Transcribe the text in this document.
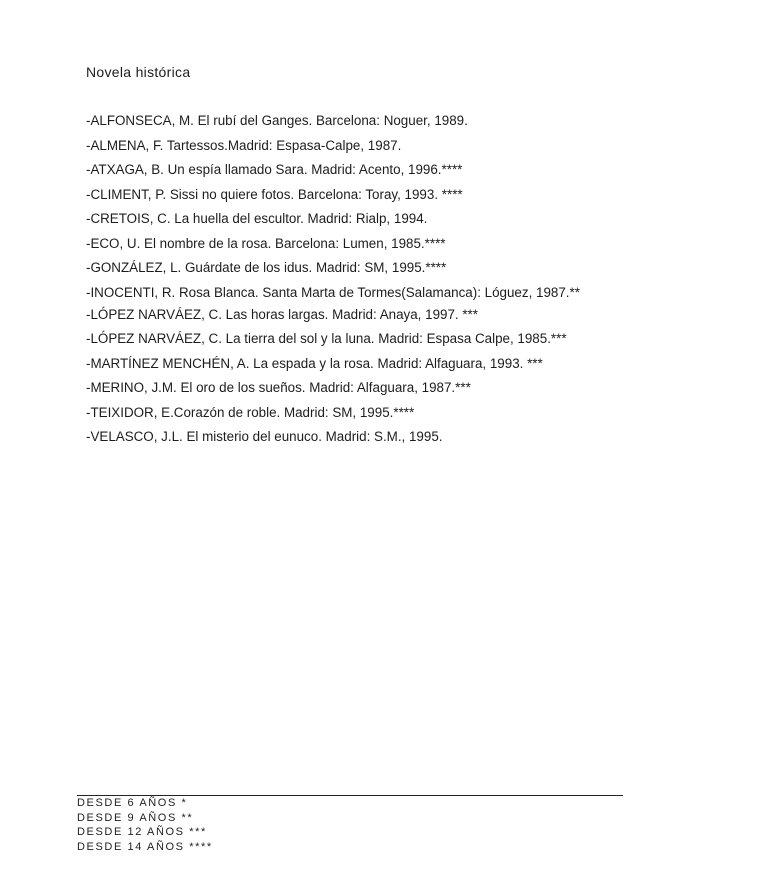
Novela histórica
-ALFONSECA, M. El rubí del Ganges. Barcelona: Noguer, 1989.
-ALMENA, F. Tartessos.Madrid: Espasa-Calpe, 1987.
-ATXAGA, B. Un espía llamado Sara. Madrid: Acento, 1996.****
-CLIMENT, P. Sissi no quiere fotos. Barcelona: Toray, 1993. ****
-CRETOIS, C. La huella del escultor. Madrid: Rialp, 1994.
-ECO, U. El nombre de la rosa. Barcelona: Lumen, 1985.****
-GONZÁLEZ, L. Guárdate de los idus. Madrid: SM, 1995.****
-INOCENTI, R. Rosa Blanca. Santa Marta de Tormes(Salamanca): Lóguez, 1987.**
-LÓPEZ NARVÁEZ, C. Las horas largas. Madrid: Anaya, 1997. ***
-LÓPEZ NARVÁEZ, C. La tierra del sol y la luna. Madrid: Espasa Calpe, 1985.***
-MARTÍNEZ MENCHÉN, A. La espada y la rosa. Madrid: Alfaguara, 1993. ***
-MERINO, J.M. El oro de los sueños. Madrid: Alfaguara, 1987.***
-TEIXIDOR, E.Corazón de roble. Madrid: SM, 1995.****
-VELASCO, J.L. El misterio del eunuco. Madrid: S.M., 1995.
DESDE 6 AÑOS *
DESDE 9 AÑOS **
DESDE 12 AÑOS ***
DESDE 14 AÑOS ****
